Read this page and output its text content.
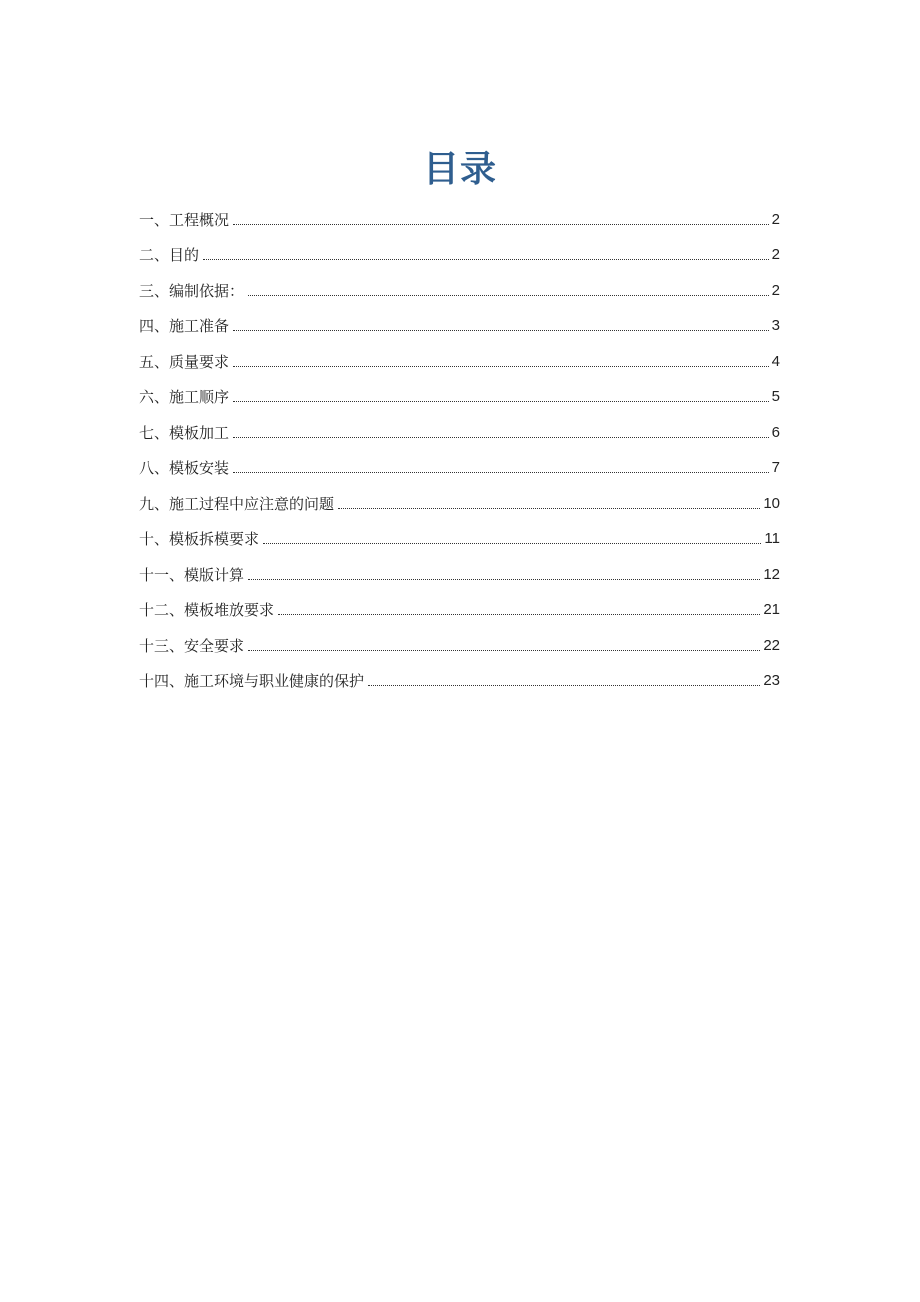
目录
一、工程概况	2
二、目的	2
三、编制依据：	2
四、施工准备	3
五、质量要求	4
六、施工顺序	5
七、模板加工	6
八、模板安装	7
九、施工过程中应注意的问题	10
十、模板拆模要求	11
十一、模版计算	12
十二、模板堆放要求	21
十三、安全要求	22
十四、施工环境与职业健康的保护	23
